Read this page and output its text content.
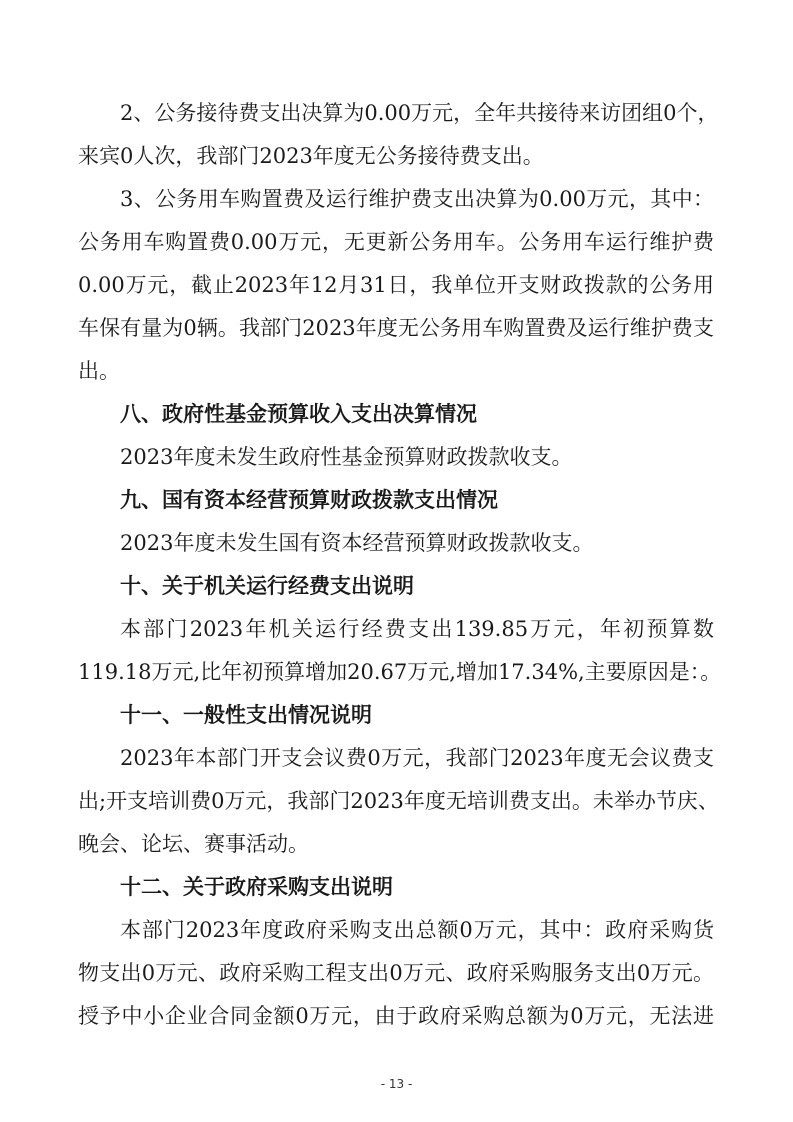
2、公务接待费支出决算为0.00万元，全年共接待来访团组0个，
来宾0人次，我部门2023年度无公务接待费支出。
3、公务用车购置费及运行维护费支出决算为0.00万元，其中：
公务用车购置费0.00万元，无更新公务用车。公务用车运行维护费
0.00万元，截止2023年12月31日，我单位开支财政拨款的公务用
车保有量为0辆。我部门2023年度无公务用车购置费及运行维护费支
出。
八、政府性基金预算收入支出决算情况
2023年度未发生政府性基金预算财政拨款收支。
九、国有资本经营预算财政拨款支出情况
2023年度未发生国有资本经营预算财政拨款收支。
十、关于机关运行经费支出说明
本部门2023年机关运行经费支出139.85万元，年初预算数
119.18万元,比年初预算增加20.67万元,增加17.34%,主要原因是：。
十一、一般性支出情况说明
2023年本部门开支会议费0万元，我部门2023年度无会议费支
出;开支培训费0万元，我部门2023年度无培训费支出。未举办节庆、
晚会、论坛、赛事活动。
十二、关于政府采购支出说明
本部门2023年度政府采购支出总额0万元，其中：政府采购货
物支出0万元、政府采购工程支出0万元、政府采购服务支出0万元。
授予中小企业合同金额0万元，由于政府采购总额为0万元，无法进
- 13 -
